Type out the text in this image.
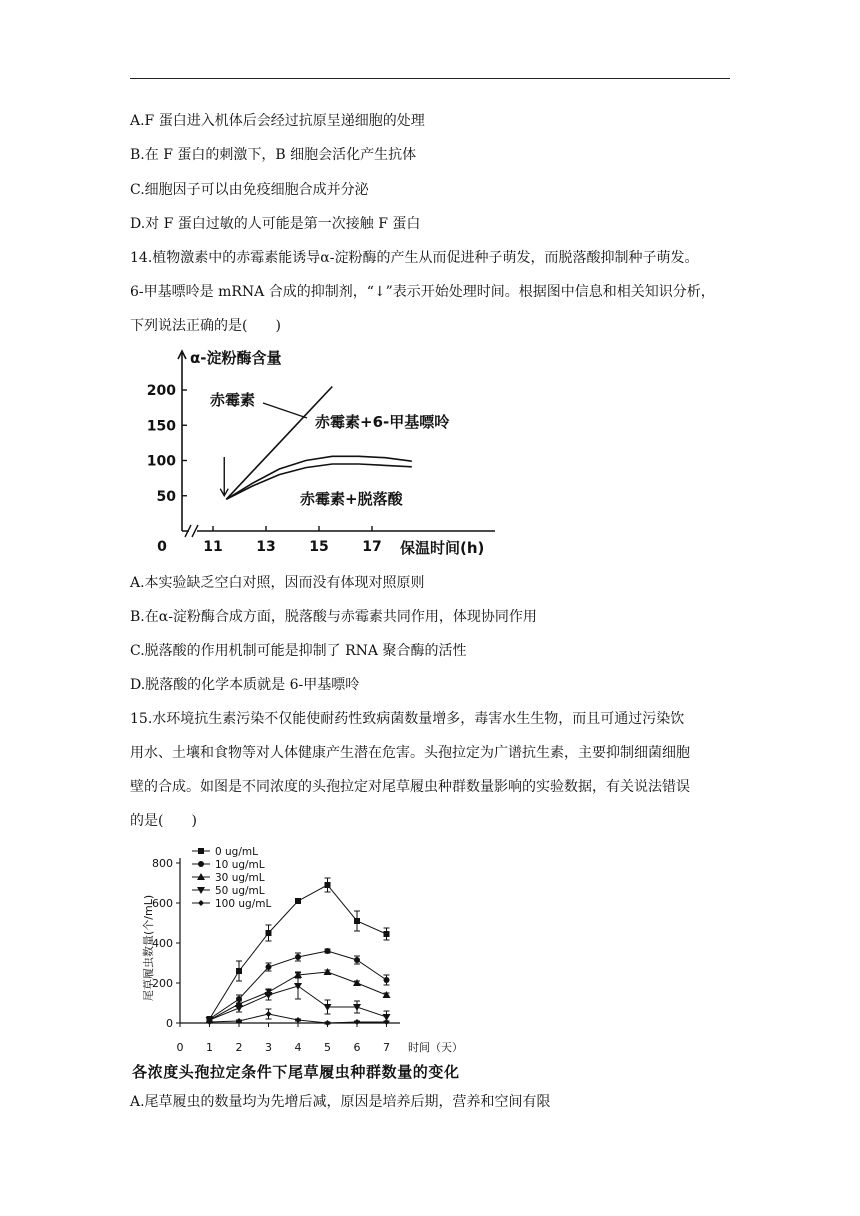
A.F 蛋白进入机体后会经过抗原呈递细胞的处理
B.在 F 蛋白的刺激下，B 细胞会活化产生抗体
C.细胞因子可以由免疫细胞合成并分泌
D.对 F 蛋白过敏的人可能是第一次接触 F 蛋白
14.植物激素中的赤霉素能诱导α-淀粉酶的产生从而促进种子萌发，而脱落酸抑制种子萌发。
6-甲基嘌呤是 mRNA 合成的抑制剂，“↓”表示开始处理时间。根据图中信息和相关知识分析，
下列说法正确的是(　　)
50
100
150
200
0	11 13 15 17
α-淀粉酶含量
保温时间(h)
赤霉素
赤霉素+6-甲基嘌呤
赤霉素+脱落酸
A.本实验缺乏空白对照，因而没有体现对照原则
B.在α-淀粉酶合成方面，脱落酸与赤霉素共同作用，体现协同作用
C.脱落酸的作用机制可能是抑制了 RNA 聚合酶的活性
D.脱落酸的化学本质就是 6-甲基嘌呤
15.水环境抗生素污染不仅能使耐药性致病菌数量增多，毒害水生生物，而且可通过污染饮
用水、土壤和食物等对人体健康产生潜在危害。头孢拉定为广谱抗生素，主要抑制细菌细胞
壁的合成。如图是不同浓度的头孢拉定对尾草履虫种群数量影响的实验数据，有关说法错误
的是(　　)
0
200
400
600
800
0 1 2 3 4 5 6 7 时间（天）
尾草履虫数量(个/mL)
0 ug/mL
10 ug/mL
30 ug/mL
50 ug/mL
100 ug/mL
各浓度头孢拉定条件下尾草履虫种群数量的变化
A.尾草履虫的数量均为先增后减，原因是培养后期，营养和空间有限
